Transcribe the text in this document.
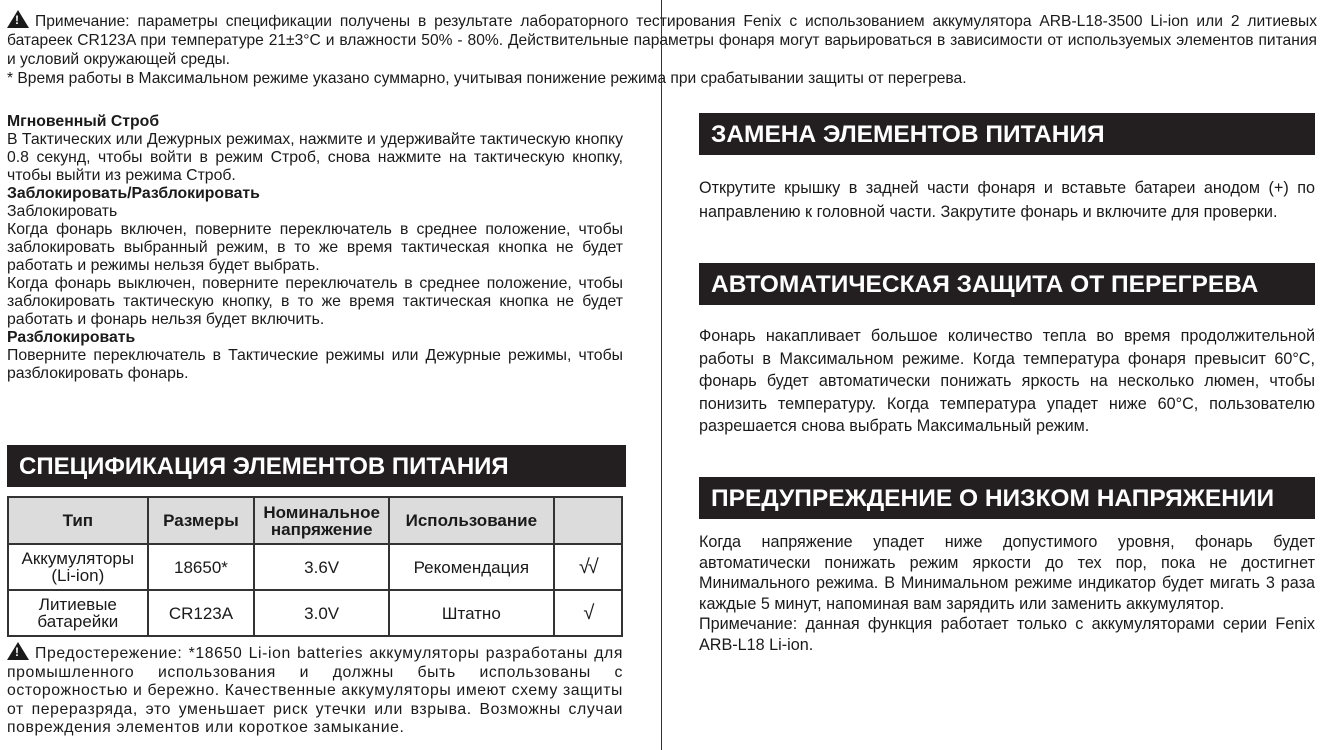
!Примечание: параметры спецификации получены в результате лабораторного тестирования Fenix с использованием аккумулятора ARB-L18-3500 Li-ion или 2 литиевых батареек CR123A при температуре 21±3°C и влажности 50% - 80%. Действительные параметры фонаря могут варьироваться в зависимости от используемых элементов питания и условий окружающей среды.

* Время работы в Максимальном режиме указано суммарно, учитывая понижение режима при срабатывании защиты от перегрева.

Мгновенный Строб

В Тактических или Дежурных режимах, нажмите и удерживайте тактическую кнопку 0.8 секунд, чтобы войти в режим Строб, снова нажмите на тактическую кнопку, чтобы выйти из режима Строб.

Заблокировать/Разблокировать

Заблокировать

Когда фонарь включен, поверните переключатель в среднее положение, чтобы заблокировать выбранный режим, в то же время тактическая кнопка не будет работать и режимы нельзя будет выбрать.

Когда фонарь выключен, поверните переключатель в среднее положение, чтобы заблокировать тактическую кнопку, в то же время тактическая кнопка не будет работать и фонарь нельзя будет включить.

Разблокировать

Поверните переключатель в Тактические режимы или Дежурные режимы, чтобы разблокировать фонарь.

СПЕЦИФИКАЦИЯ ЭЛЕМЕНТОВ ПИТАНИЯ
Тип	Размеры	Номинальное напряжение	Использование	
Аккумуляторы (Li-ion)	18650*	3.6V	Рекомендация	√√
Литиевые батарейки	CR123A	3.0V	Штатно	√
!Предостережение: *18650 Li-ion batteries аккумуляторы разработаны для промышленного использования и должны быть использованы с осторожностью и бережно. Качественные аккумуляторы имеют схему защиты от переразряда, это уменьшает риск утечки или взрыва. Возможны случаи повреждения элементов или короткое замыкание.
ЗАМЕНА ЭЛЕМЕНТОВ ПИТАНИЯ

Открутите крышку в задней части фонаря и вставьте батареи анодом (+) по направлению к головной части. Закрутите фонарь и включите для проверки.

АВТОМАТИЧЕСКАЯ ЗАЩИТА ОТ ПЕРЕГРЕВА

Фонарь накапливает большое количество тепла во время продолжительной работы в Максимальном режиме. Когда температура фонаря превысит 60°C, фонарь будет автоматически понижать яркость на несколько люмен, чтобы понизить температуру. Когда температура упадет ниже 60°C, пользователю разрешается снова выбрать Максимальный режим.

ПРЕДУПРЕЖДЕНИЕ О НИЗКОМ НАПРЯЖЕНИИ

Когда напряжение упадет ниже допустимого уровня, фонарь будет автоматически понижать режим яркости до тех пор, пока не достигнет Минимального режима. В Минимальном режиме индикатор будет мигать 3 раза каждые 5 минут, напоминая вам зарядить или заменить аккумулятор.

Примечание: данная функция работает только с аккумуляторами серии Fenix ARB-L18 Li-ion.
